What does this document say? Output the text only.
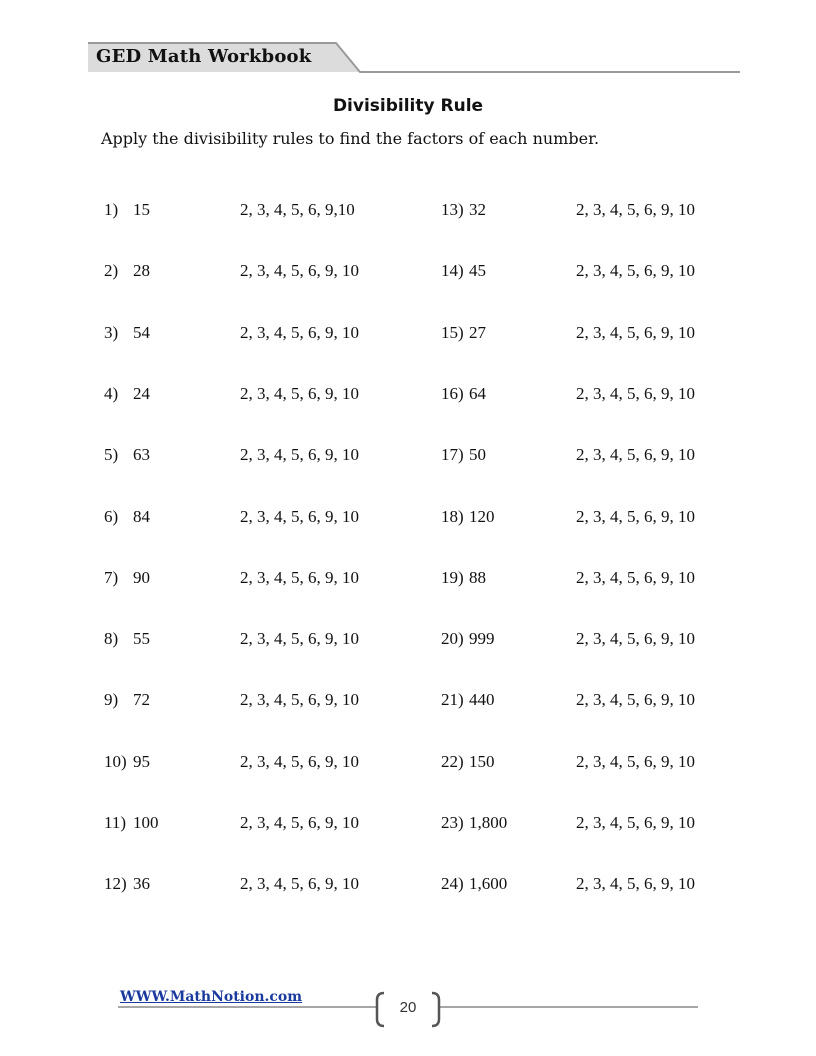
GED Math Workbook
Divisibility Rule
Apply the divisibility rules to find the factors of each number.
1) 15	2, 3, 4, 5, 6, 9,10
2) 28	2, 3, 4, 5, 6, 9, 10
3) 54	2, 3, 4, 5, 6, 9, 10
4) 24	2, 3, 4, 5, 6, 9, 10
5) 63	2, 3, 4, 5, 6, 9, 10
6) 84	2, 3, 4, 5, 6, 9, 10
7) 90	2, 3, 4, 5, 6, 9, 10
8) 55	2, 3, 4, 5, 6, 9, 10
9) 72	2, 3, 4, 5, 6, 9, 10
10) 95	2, 3, 4, 5, 6, 9, 10
11) 100	2, 3, 4, 5, 6, 9, 10
12) 36	2, 3, 4, 5, 6, 9, 10
13) 32	2, 3, 4, 5, 6, 9, 10
14) 45	2, 3, 4, 5, 6, 9, 10
15) 27	2, 3, 4, 5, 6, 9, 10
16) 64	2, 3, 4, 5, 6, 9, 10
17) 50	2, 3, 4, 5, 6, 9, 10
18) 120	2, 3, 4, 5, 6, 9, 10
19) 88	2, 3, 4, 5, 6, 9, 10
20) 999	2, 3, 4, 5, 6, 9, 10
21) 440	2, 3, 4, 5, 6, 9, 10
22) 150	2, 3, 4, 5, 6, 9, 10
23) 1,800	2, 3, 4, 5, 6, 9, 10
24) 1,600	2, 3, 4, 5, 6, 9, 10
WWW.MathNotion.com
20
